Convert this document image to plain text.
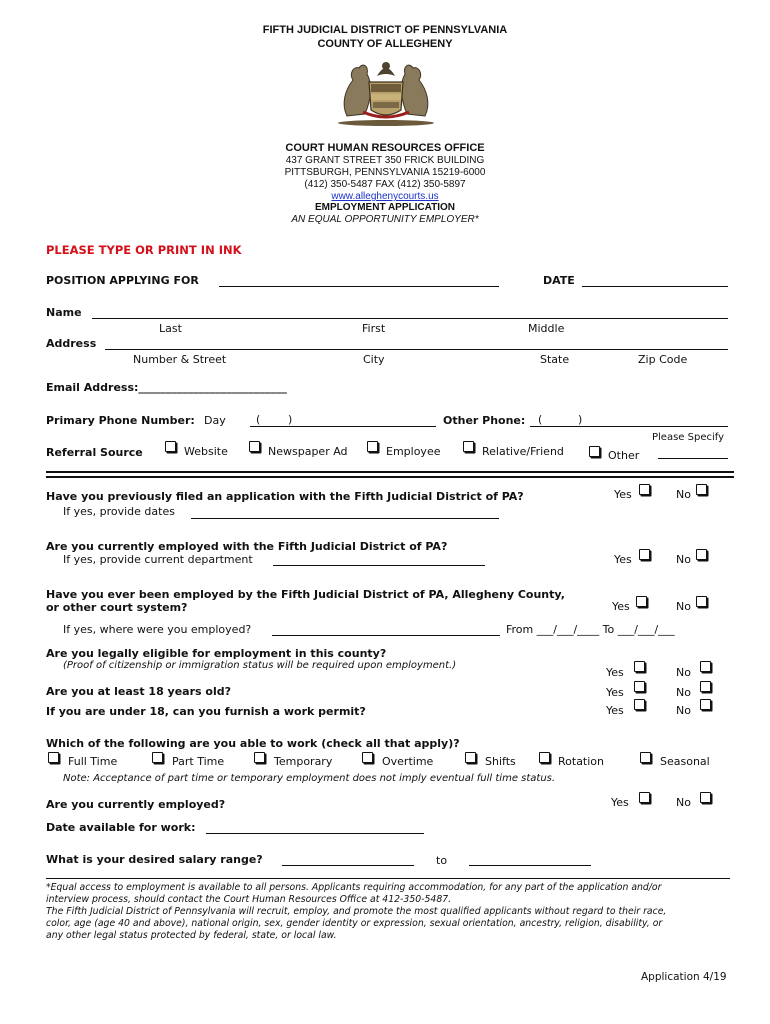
FIFTH JUDICIAL DISTRICT OF PENNSYLVANIA
COUNTY OF ALLEGHENY
COURT HUMAN RESOURCES OFFICE
437 GRANT STREET 350 FRICK BUILDING
PITTSBURGH, PENNSYLVANIA 15219-6000
(412) 350-5487 FAX (412) 350-5897
www.alleghenycourts.us
EMPLOYMENT APPLICATION
AN EQUAL OPPORTUNITY EMPLOYER*
PLEASE TYPE OR PRINT IN INK
POSITION APPLYING FOR	DATE
Name
Last	First	Middle
Address
Number & Street	City	State	Zip Code
Email Address:___________________________
Primary Phone Number: Day	(	)	Other Phone: (	)
Please Specify
Referral Source	Website	Newspaper Ad	Employee	Relative/Friend	Other
Have you previously filed an application with the Fifth Judicial District of PA?	Yes	No
If yes, provide dates
Are you currently employed with the Fifth Judicial District of PA?
If yes, provide current department	Yes	No
Have you ever been employed by the Fifth Judicial District of PA, Allegheny County,
or other court system?	Yes	No
If yes, where were you employed?	From ___/___/____ To ___/___/___
Are you legally eligible for employment in this county?
(Proof of citizenship or immigration status will be required upon employment.)
Yes	No
Are you at least 18 years old?	Yes	No
If you are under 18, can you furnish a work permit?	Yes	No
Which of the following are you able to work (check all that apply)?
Full Time	Part Time	Temporary	Overtime	Shifts	Rotation	Seasonal
Note: Acceptance of part time or temporary employment does not imply eventual full time status.
Are you currently employed?	Yes	No
Date available for work:
What is your desired salary range?	to
*Equal access to employment is available to all persons. Applicants requiring accommodation, for any part of the application and/or
interview process, should contact the Court Human Resources Office at 412-350-5487.
The Fifth Judicial District of Pennsylvania will recruit, employ, and promote the most qualified applicants without regard to their race,
color, age (age 40 and above), national origin, sex, gender identity or expression, sexual orientation, ancestry, religion, disability, or
any other legal status protected by federal, state, or local law.
Application 4/19
